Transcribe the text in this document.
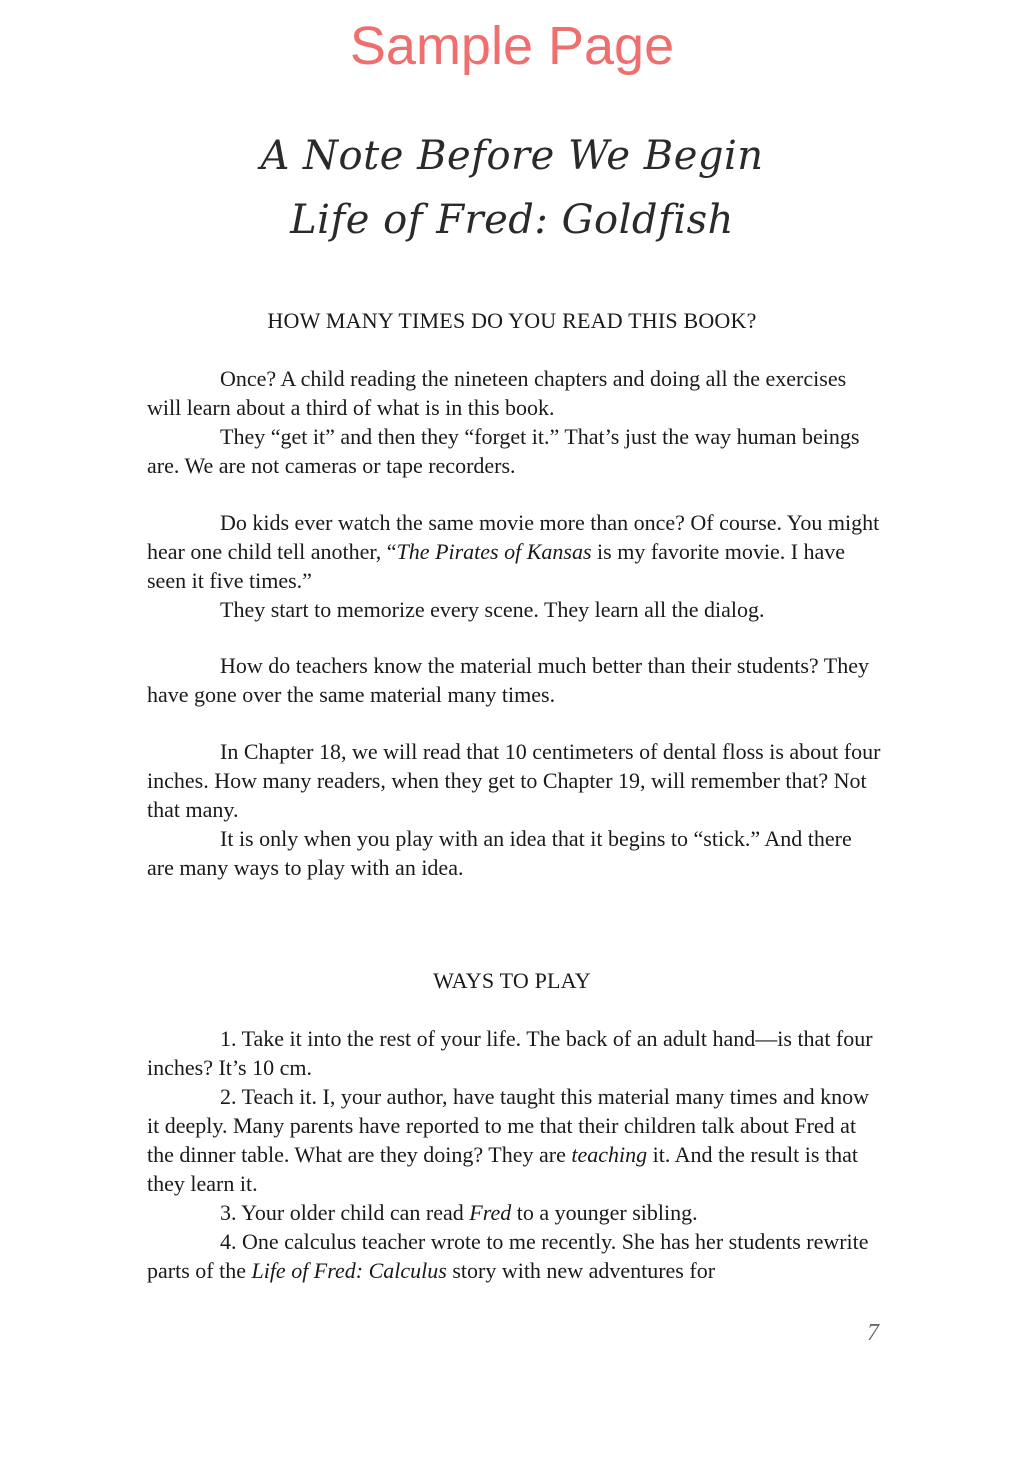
Sample Page
A Note Before We Begin
Life of Fred: Goldfish
HOW MANY TIMES DO YOU READ THIS BOOK?

Once? A child reading the nineteen chapters and doing all the exercises will learn about a third of what is in this book.

They “get it” and then they “forget it.” That’s just the way human beings are. We are not cameras or tape recorders.

Do kids ever watch the same movie more than once? Of course. You might hear one child tell another, “The Pirates of Kansas is my favorite movie. I have seen it five times.”

They start to memorize every scene. They learn all the dialog.

How do teachers know the material much better than their students? They have gone over the same material many times.

In Chapter 18, we will read that 10 centimeters of dental floss is about four inches. How many readers, when they get to Chapter 19, will remember that? Not that many.

It is only when you play with an idea that it begins to “stick.” And there are many ways to play with an idea.

WAYS TO PLAY

1. Take it into the rest of your life. The back of an adult hand—is that four inches? It’s 10 cm.

2. Teach it. I, your author, have taught this material many times and know it deeply. Many parents have reported to me that their children talk about Fred at the dinner table. What are they doing? They are teaching it. And the result is that they learn it.

3. Your older child can read Fred to a younger sibling.

4. One calculus teacher wrote to me recently. She has her students rewrite parts of the Life of Fred: Calculus story with new adventures for

7
